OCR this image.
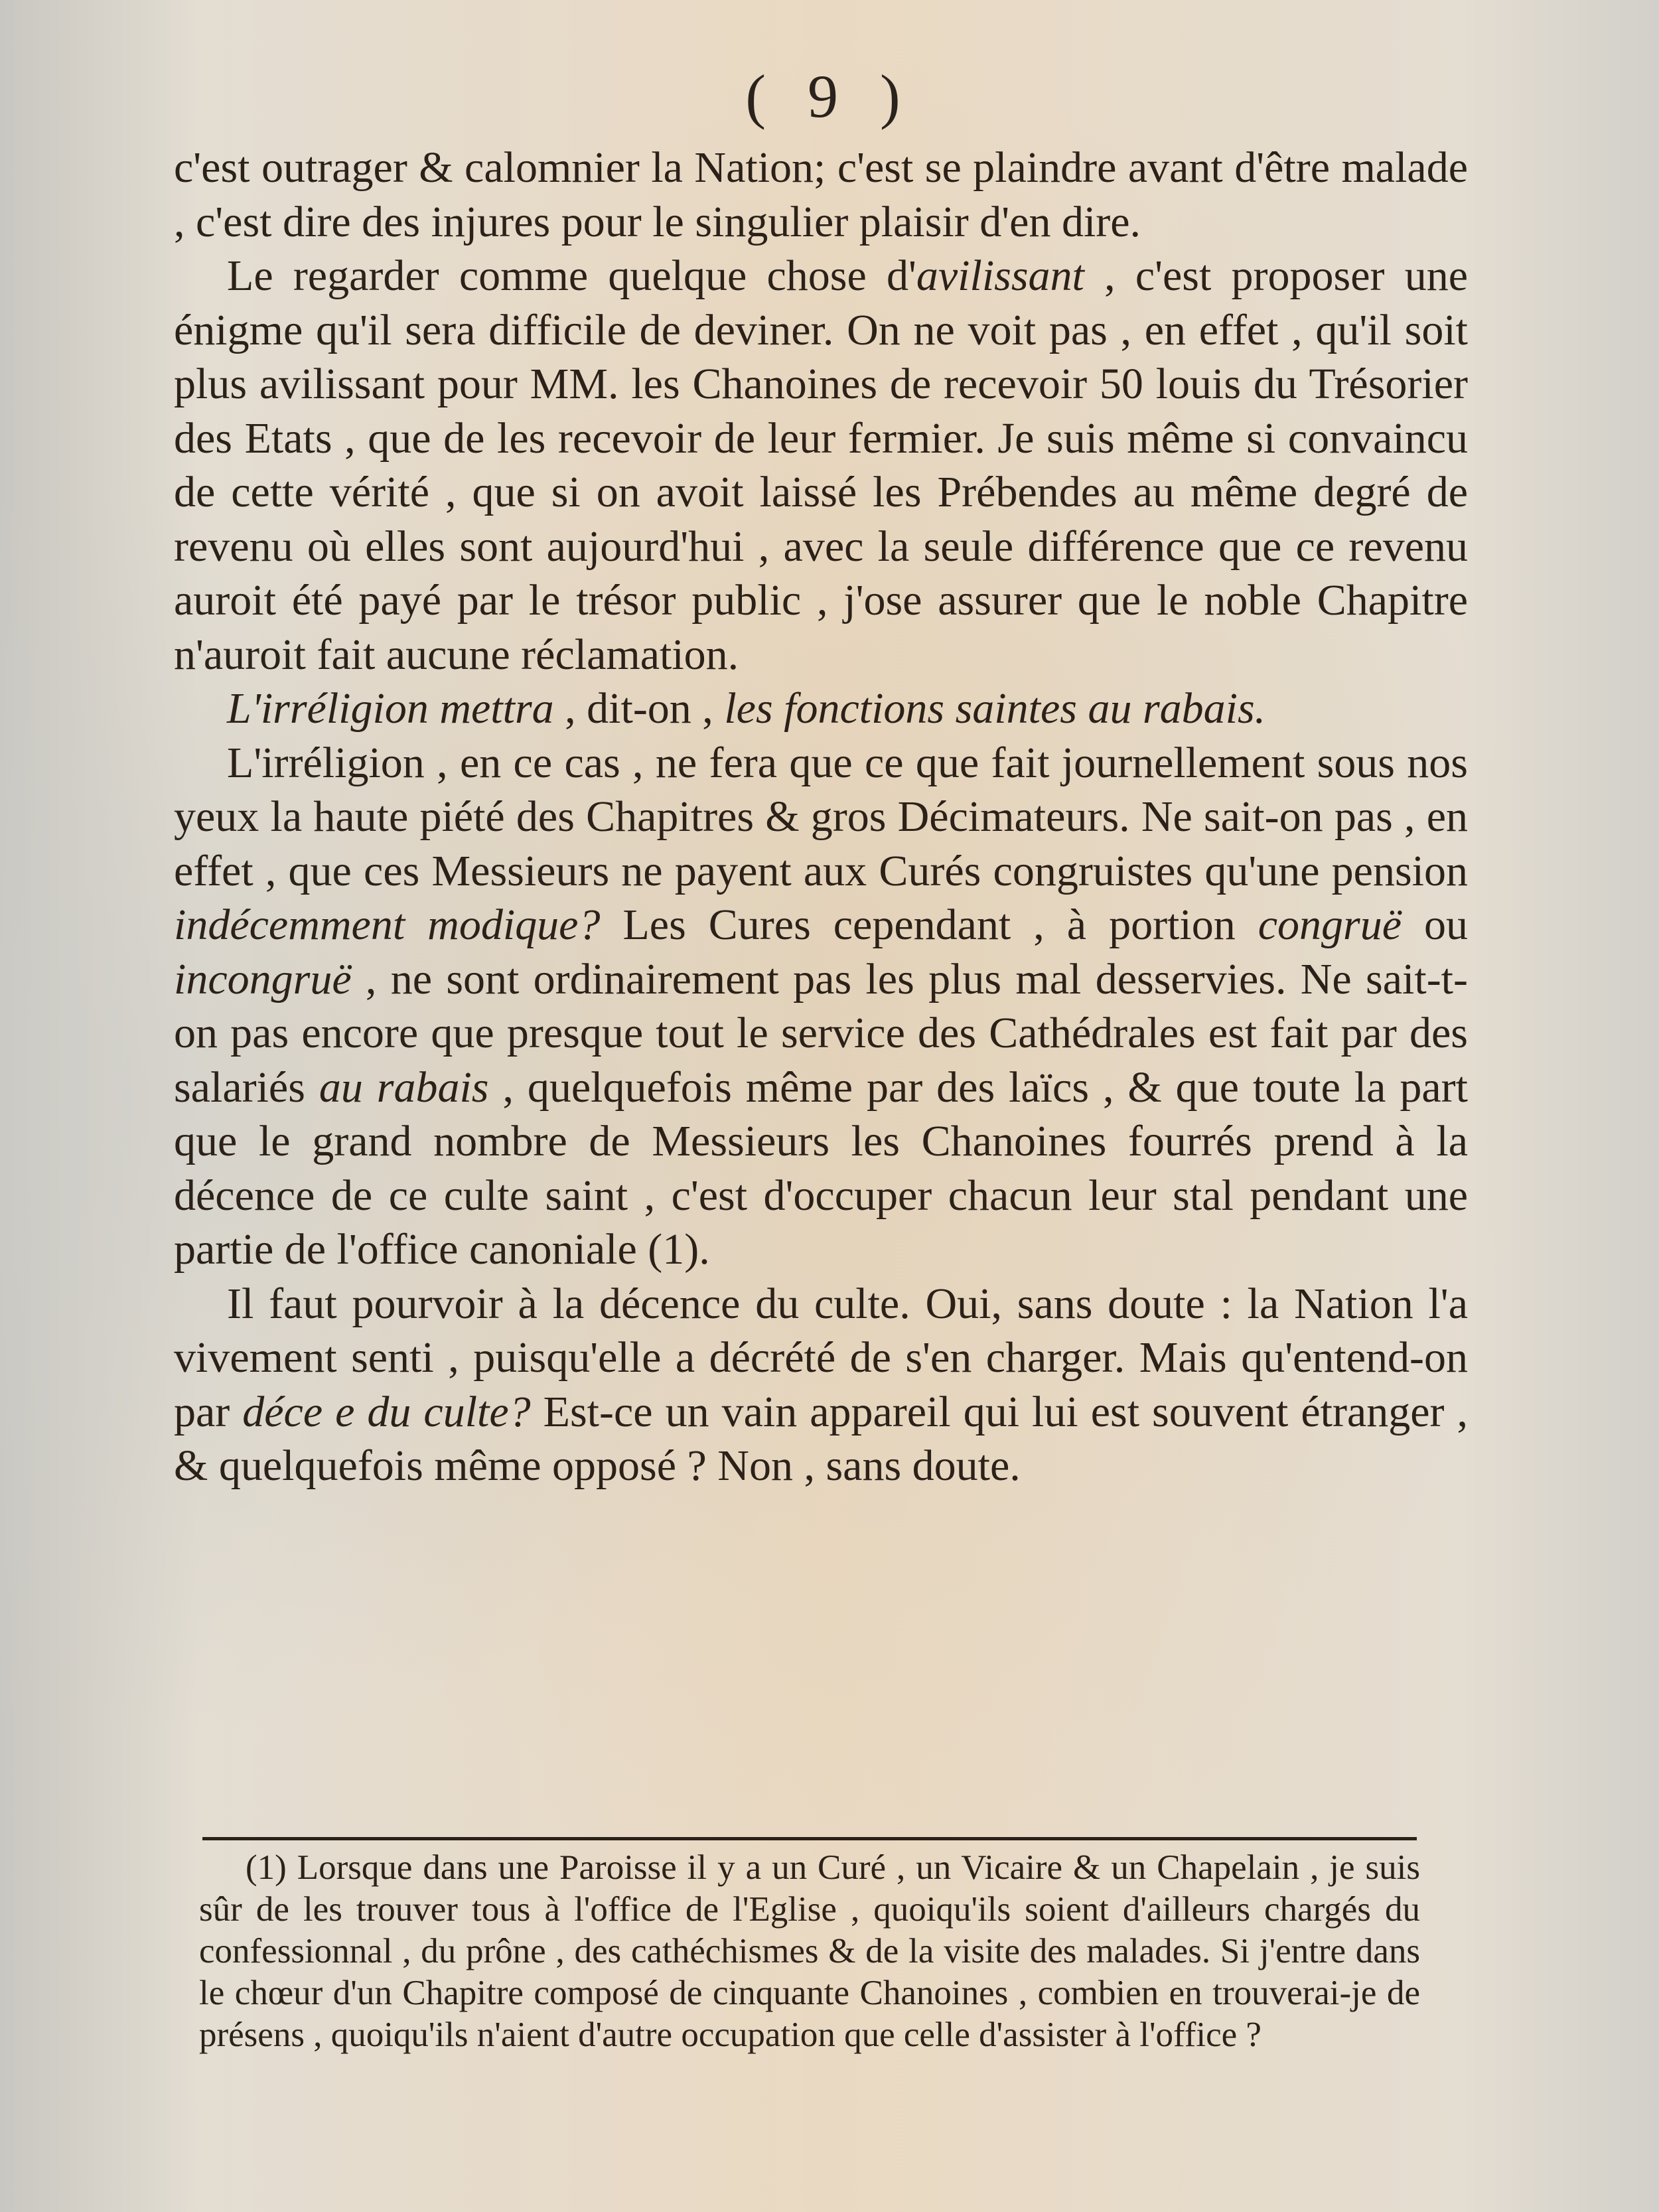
( 9 )

c'est outrager & calomnier la Nation; c'est se plaindre avant d'être malade , c'est dire des injures pour le singulier plaisir d'en dire.

Le regarder comme quelque chose d'avilissant , c'est proposer une énigme qu'il sera difficile de deviner. On ne voit pas , en effet , qu'il soit plus avilissant pour MM. les Chanoines de recevoir 50 louis du Trésorier des Etats , que de les recevoir de leur fermier. Je suis même si convaincu de cette vérité , que si on avoit laissé les Prébendes au même degré de revenu où elles sont aujourd'hui , avec la seule différence que ce revenu auroit été payé par le trésor public , j'ose assurer que le noble Chapitre n'auroit fait aucune réclamation.

L'irréligion mettra , dit-on , les fonctions saintes au rabais.

L'irréligion , en ce cas , ne fera que ce que fait journellement sous nos yeux la haute piété des Chapitres & gros Décimateurs. Ne sait-on pas , en effet , que ces Messieurs ne payent aux Curés congruistes qu'une pension indécemment modique? Les Cures cependant , à portion congruë ou incongruë , ne sont ordinairement pas les plus mal desservies. Ne sait-t-on pas encore que presque tout le service des Cathédrales est fait par des salariés au rabais , quelquefois même par des laïcs , & que toute la part que le grand nombre de Messieurs les Chanoines fourrés prend à la décence de ce culte saint , c'est d'occuper chacun leur stal pendant une partie de l'office canoniale (1).

Il faut pourvoir à la décence du culte. Oui, sans doute : la Nation l'a vivement senti , puisqu'elle a décrété de s'en charger. Mais qu'entend-on par déce e du culte? Est-ce un vain appareil qui lui est souvent étranger , & quelquefois même opposé ? Non , sans doute.

(1) Lorsque dans une Paroisse il y a un Curé , un Vicaire & un Chapelain , je suis sûr de les trouver tous à l'office de l'Eglise , quoiqu'ils soient d'ailleurs chargés du confessionnal , du prône , des cathéchismes & de la visite des malades. Si j'entre dans le chœur d'un Chapitre composé de cinquante Chanoines , combien en trouverai-je de présens , quoiqu'ils n'aient d'autre occupation que celle d'assister à l'office ?
